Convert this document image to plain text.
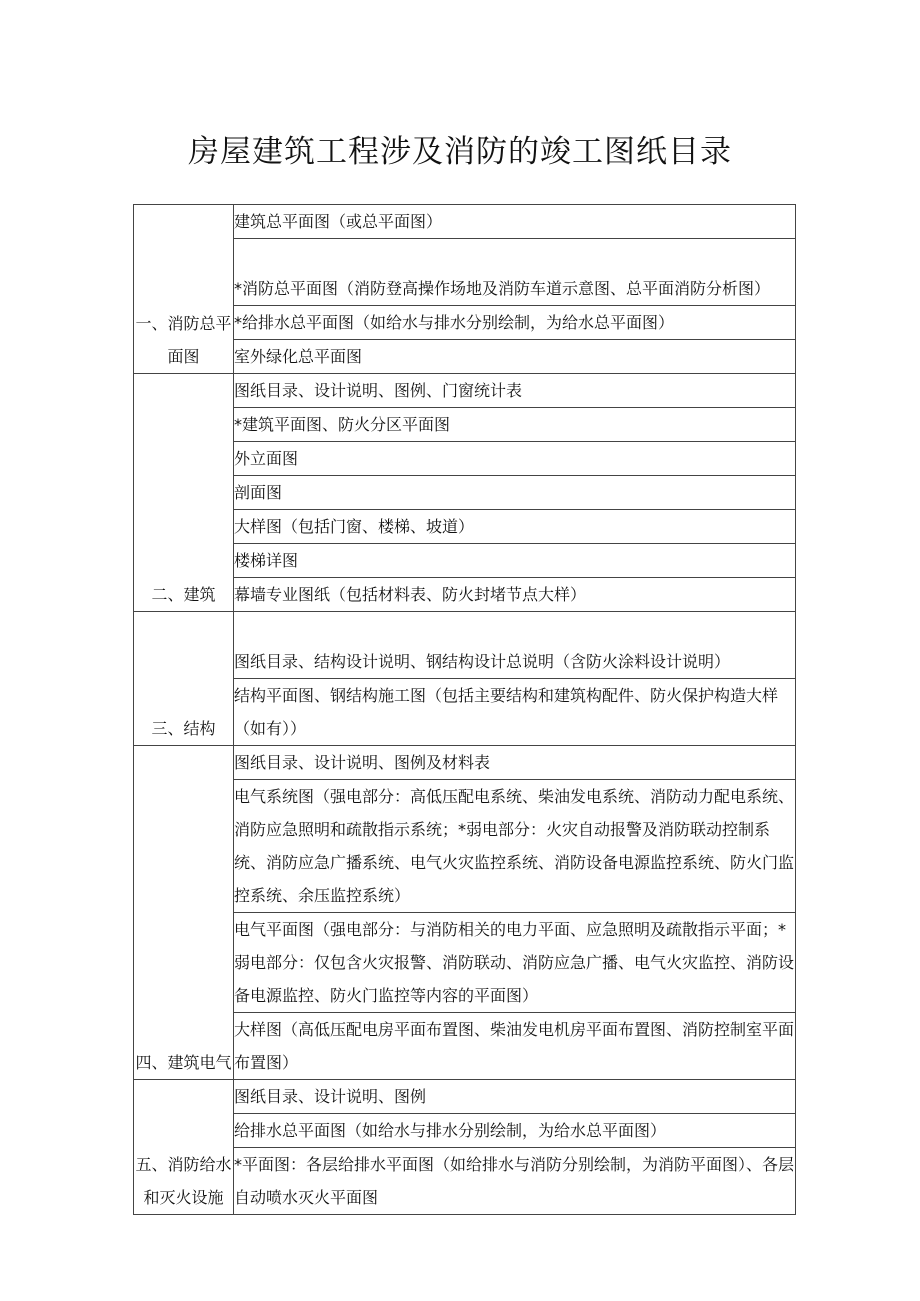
房屋建筑工程涉及消防的竣工图纸目录
一、消防总平面图	建筑总平面图（或总平面图）
	*消防总平面图（消防登高操作场地及消防车道示意图、总平面消防分析图）
	*给排水总平面图（如给水与排水分别绘制，为给水总平面图）
	室外绿化总平面图
二、建筑	图纸目录、设计说明、图例、门窗统计表
	*建筑平面图、防火分区平面图
	外立面图
	剖面图
	大样图（包括门窗、楼梯、坡道）
	楼梯详图
	幕墙专业图纸（包括材料表、防火封堵节点大样）
三、结构	图纸目录、结构设计说明、钢结构设计总说明（含防火涂料设计说明）
	结构平面图、钢结构施工图（包括主要结构和建筑构配件、防火保护构造大样（如有））
四、建筑电气	图纸目录、设计说明、图例及材料表
	电气系统图（强电部分：高低压配电系统、柴油发电系统、消防动力配电系统、消防应急照明和疏散指示系统；*弱电部分：火灾自动报警及消防联动控制系统、消防应急广播系统、电气火灾监控系统、消防设备电源监控系统、防火门监控系统、余压监控系统）
	电气平面图（强电部分：与消防相关的电力平面、应急照明及疏散指示平面；*弱电部分：仅包含火灾报警、消防联动、消防应急广播、电气火灾监控、消防设备电源监控、防火门监控等内容的平面图）
	大样图（高低压配电房平面布置图、柴油发电机房平面布置图、消防控制室平面布置图）
五、消防给水和灭火设施	图纸目录、设计说明、图例
	给排水总平面图（如给水与排水分别绘制，为给水总平面图）
	*平面图：各层给排水平面图（如给排水与消防分别绘制，为消防平面图）、各层自动喷水灭火平面图
